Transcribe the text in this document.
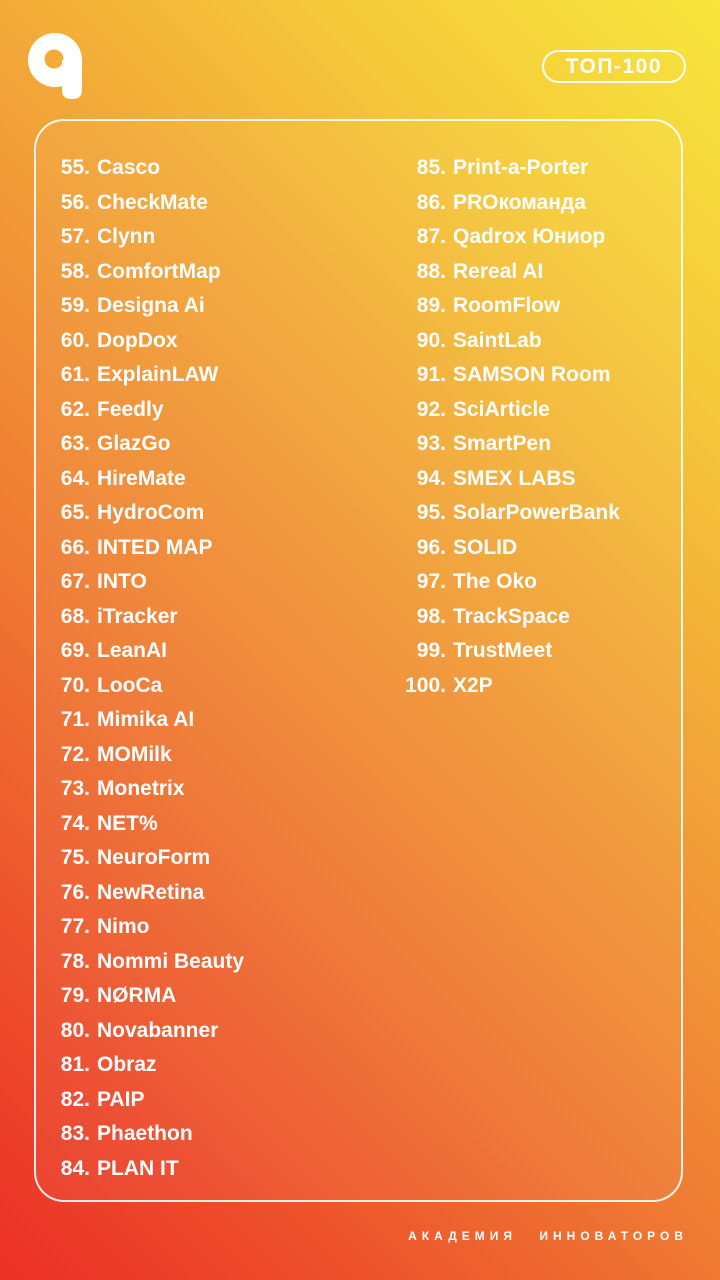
ТОП-100
55. Casco
56. CheckMate
57. Clynn
58. ComfortMap
59. Designa Ai
60. DopDox
61. ExplainLAW
62. Feedly
63. GlazGo
64. HireMate
65. HydroCom
66. INTED MAP
67. INTO
68. iTracker
69. LeanAI
70. LooCa
71. Mimika AI
72. MOMilk
73. Monetrix
74. NET%
75. NeuroForm
76. NewRetina
77. Nimo
78. Nommi Beauty
79. NØRMA
80. Novabanner
81. Obraz
82. PAIP
83. Phaethon
84. PLAN IT
85. Print-a-Porter
86. PROкоманда
87. Qadrox Юниор
88. Rereal AI
89. RoomFlow
90. SaintLab
91. SAMSON Room
92. SciArticle
93. SmartPen
94. SMEX LABS
95. SolarPowerBank
96. SOLID
97. The Oko
98. TrackSpace
99. TrustMeet
100. X2P
АКАДЕМИЯ ИННОВАТОРОВ
